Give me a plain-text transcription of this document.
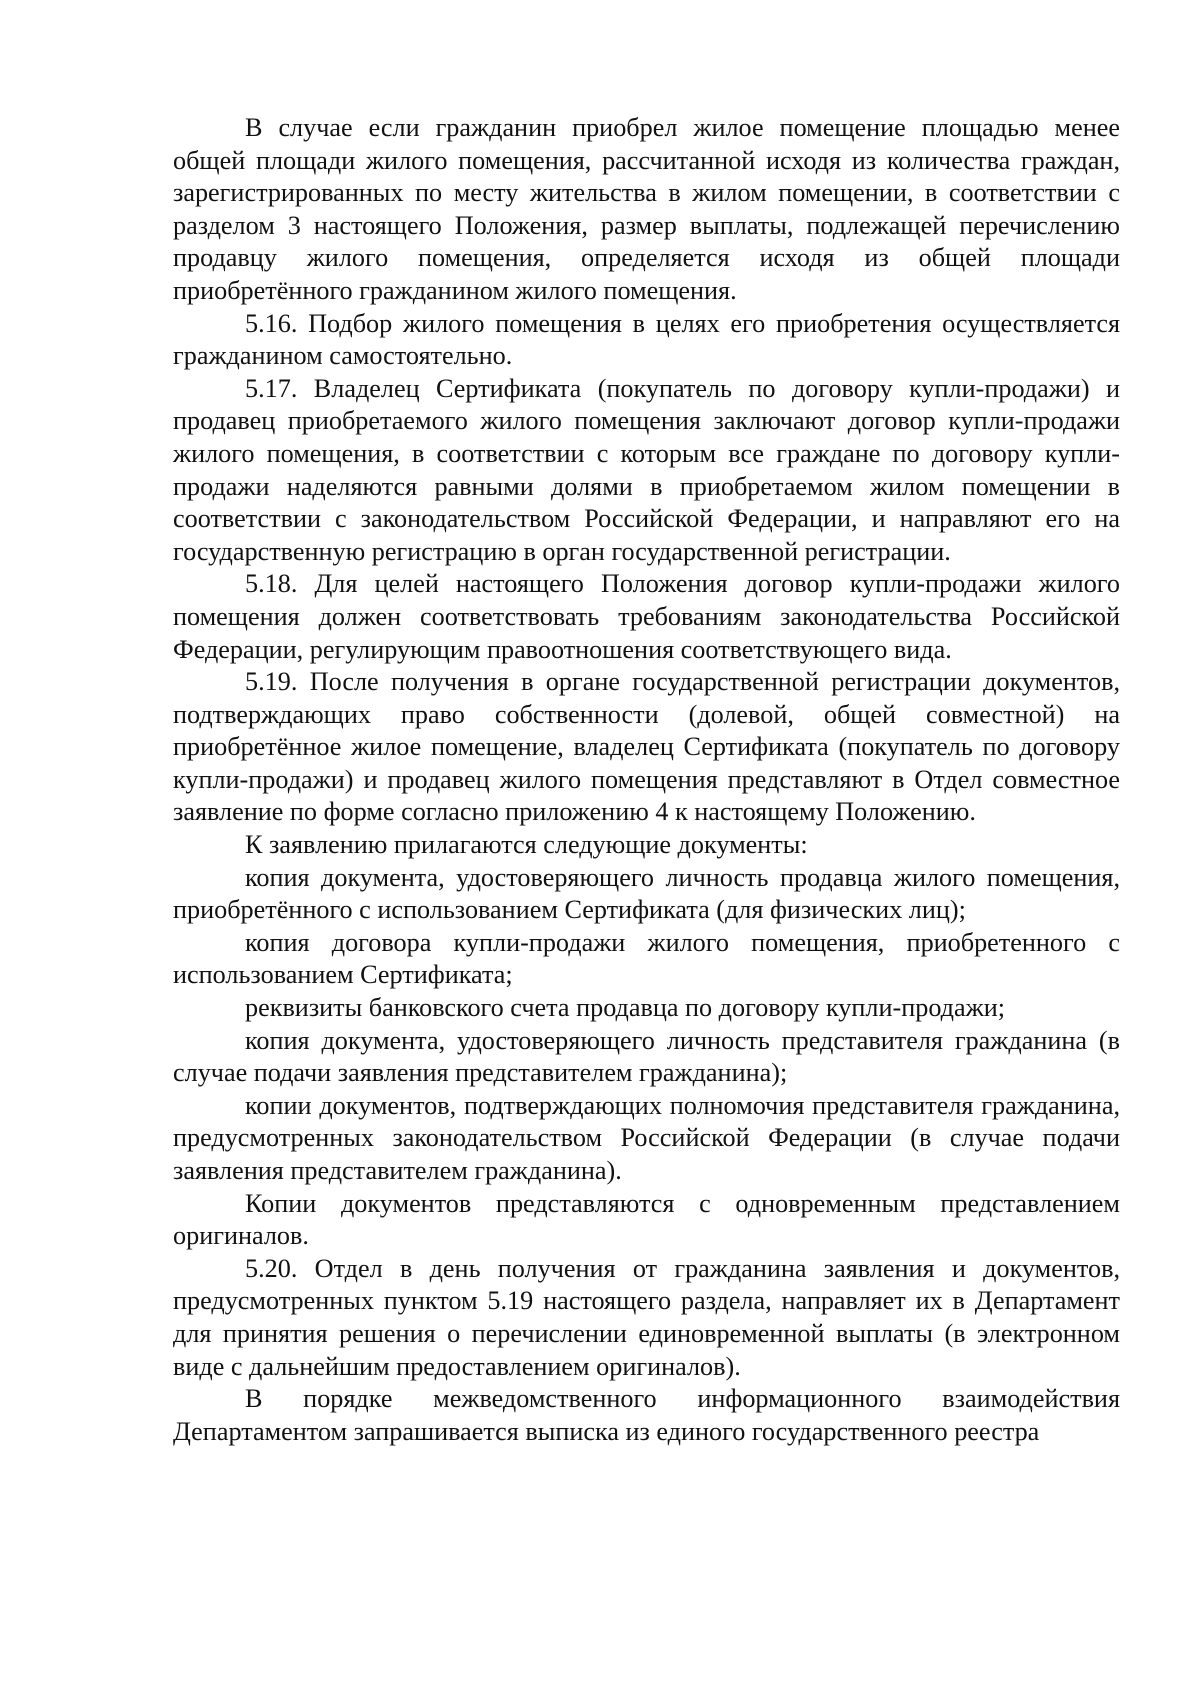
В случае если гражданин приобрел жилое помещение площадью менее общей площади жилого помещения, рассчитанной исходя из количества граждан, зарегистрированных по месту жительства в жилом помещении, в соответствии с разделом 3 настоящего Положения, размер выплаты, подлежащей перечислению продавцу жилого помещения, определяется исходя из общей площади приобретённого гражданином жилого помещения.

5.16. Подбор жилого помещения в целях его приобретения осуществляется гражданином самостоятельно.

5.17. Владелец Сертификата (покупатель по договору купли-продажи) и продавец приобретаемого жилого помещения заключают договор купли-продажи жилого помещения, в соответствии с которым все граждане по договору купли-продажи наделяются равными долями в приобретаемом жилом помещении в соответствии с законодательством Российской Федерации, и направляют его на государственную регистрацию в орган государственной регистрации.

5.18. Для целей настоящего Положения договор купли-продажи жилого помещения должен соответствовать требованиям законодательства Российской Федерации, регулирующим правоотношения соответствующего вида.

5.19. После получения в органе государственной регистрации документов, подтверждающих право собственности (долевой, общей совместной) на приобретённое жилое помещение, владелец Сертификата (покупатель по договору купли-продажи) и продавец жилого помещения представляют в Отдел совместное заявление по форме согласно приложению 4 к настоящему Положению.

К заявлению прилагаются следующие документы:

копия документа, удостоверяющего личность продавца жилого помещения, приобретённого с использованием Сертификата (для физических лиц);

копия договора купли-продажи жилого помещения, приобретенного с использованием Сертификата;

реквизиты банковского счета продавца по договору купли-продажи;

копия документа, удостоверяющего личность представителя гражданина (в случае подачи заявления представителем гражданина);

копии документов, подтверждающих полномочия представителя гражданина, предусмотренных законодательством Российской Федерации (в случае подачи заявления представителем гражданина).

Копии документов представляются с одновременным представлением оригиналов.

5.20. Отдел в день получения от гражданина заявления и документов, предусмотренных пунктом 5.19 настоящего раздела, направляет их в Департамент для принятия решения о перечислении единовременной выплаты (в электронном виде с дальнейшим предоставлением оригиналов).

В порядке межведомственного информационного взаимодействия Департаментом запрашивается выписка из единого государственного реестра
